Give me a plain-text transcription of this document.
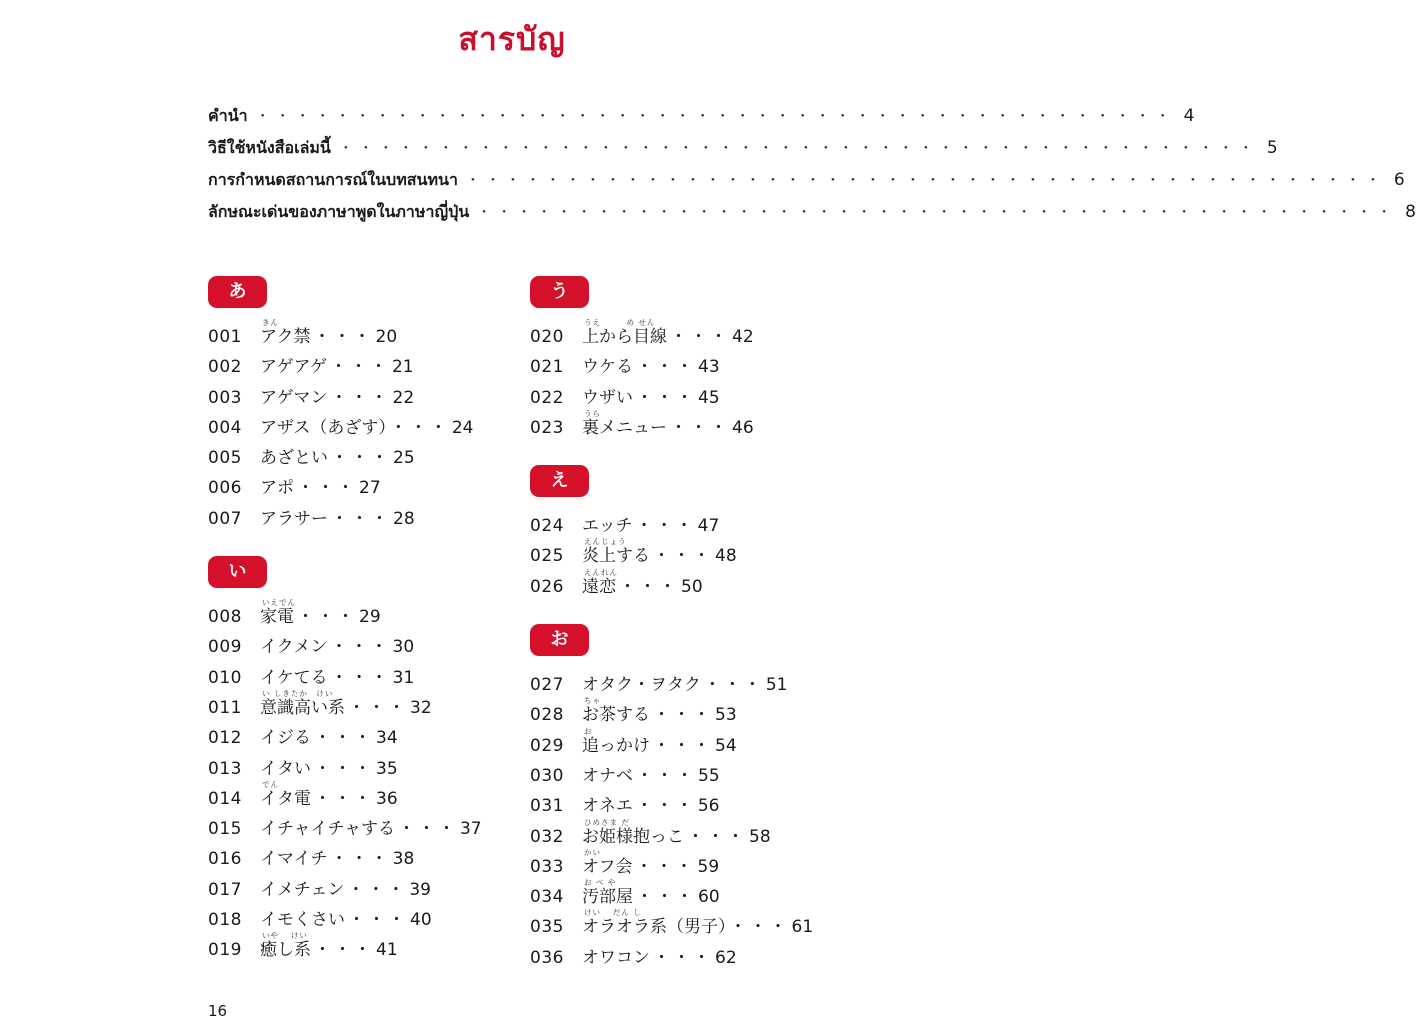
สารบัญ
คำนำ ・・・・・・・・・・・・・・・・・・・・・・・・・・・・・・・・・・・・・・・・・・・・・・ 4
วิธีใช้หนังสือเล่มนี้ ・・・・・・・・・・・・・・・・・・・・・・・・・・・・・・・・・・・・・・・・・・・・・・ 5
การกำหนดสถานการณ์ในบทสนทนา ・・・・・・・・・・・・・・・・・・・・・・・・・・・・・・・・・・・・・・・・・・・・・・ 6
ลักษณะเด่นของภาษาพูดในภาษาญี่ปุ่น ・・・・・・・・・・・・・・・・・・・・・・・・・・・・・・・・・・・・・・・・・・・・・・ 8
あ
001 アク禁 ・・・ 20
きん
002 アゲアゲ ・・・ 21
003 アゲマン ・・・ 22
004 アザス（あざす） ・・・ 24
005 あざとい ・・・ 25
006 アポ ・・・ 27
007 アラサー ・・・ 28
い
008 家電 ・・・ 29
いえでん
009 イクメン ・・・ 30
010 イケてる ・・・ 31
011 意識高い系 ・・・ 32
い しきたか　けい
012 イジる ・・・ 34
013 イタい ・・・ 35
014 イタ電 ・・・ 36
でん
015 イチャイチャする ・・・ 37
016 イマイチ ・・・ 38
017 イメチェン ・・・ 39
018 イモくさい ・・・ 40
019 癒し系 ・・・ 41
いや　 けい
う
020 上から目線 ・・・ 42
うえ　　　め せん
021 ウケる ・・・ 43
022 ウザい ・・・ 45
023 裏メニュー ・・・ 46
うら
え
024 エッチ ・・・ 47
025 炎上する ・・・ 48
えんじょう
026 遠恋 ・・・ 50
えんれん
お
027 オタク・ヲタク ・・・ 51
028 お茶する ・・・ 53
ちゃ
029 追っかけ ・・・ 54
お
030 オナベ ・・・ 55
031 オネエ ・・・ 56
032 お姫様抱っこ ・・・ 58
ひめさま だ
033 オフ会 ・・・ 59
かい
034 汚部屋 ・・・ 60
お べ や
035 オラオラ系（男子） ・・・ 61
けい　 だん し
036 オワコン ・・・ 62
16
